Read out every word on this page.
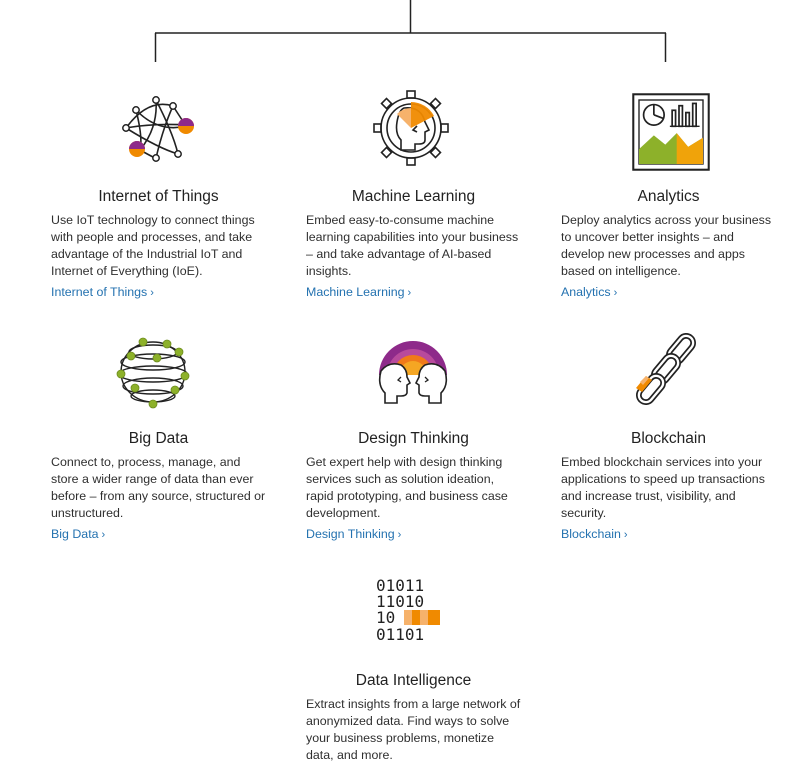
Internet of Things

Use IoT technology to connect things with people and processes, and take advantage of the Industrial IoT and Internet of Everything (IoE).

Internet of Things ›
Machine Learning

Embed easy-to-consume machine learning capabilities into your business – and take advantage of AI-based insights.

Machine Learning ›
Analytics

Deploy analytics across your business to uncover better insights – and develop new processes and apps based on intelligence.

Analytics ›
Big Data

Connect to, process, manage, and store a wider range of data than ever before – from any source, structured or unstructured.

Big Data ›
Design Thinking

Get expert help with design thinking services such as solution ideation, rapid prototyping, and business case development.

Design Thinking ›
Blockchain

Embed blockchain services into your applications to speed up transactions and increase trust, visibility, and security.

Blockchain ›
01011
11010
10
01101
Data Intelligence

Extract insights from a large network of anonymized data. Find ways to solve your business problems, monetize data, and more.
